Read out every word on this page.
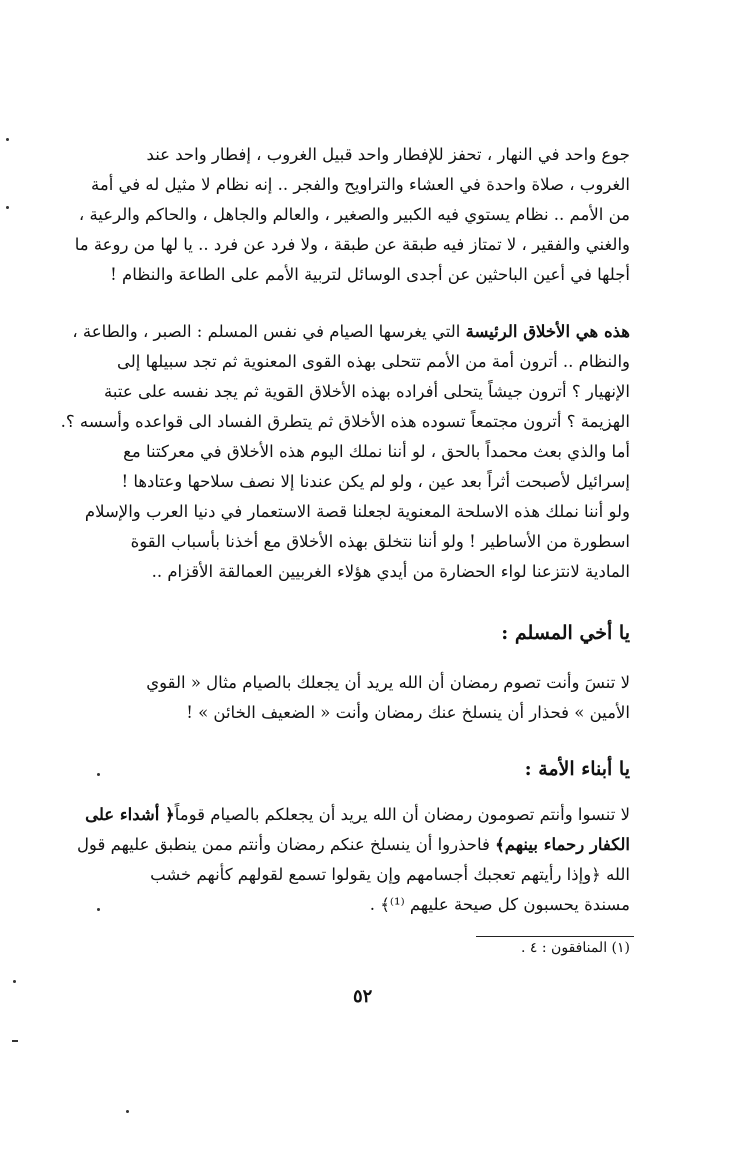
جوع واحد في النهار ، تحفز للإفطار واحد قبيل الغروب ، إفطار واحد عند
الغروب ، صلاة واحدة في العشاء والتراويح والفجر .. إنه نظام لا مثيل له في أمة
من الأمم .. نظام يستوي فيه الكبير والصغير ، والعالم والجاهل ، والحاكم والرعية ،
والغني والفقير ، لا تمتاز فيه طبقة عن طبقة ، ولا فرد عن فرد .. يا لها من روعة ما
أجلها في أعين الباحثين عن أجدى الوسائل لتربية الأمم على الطاعة والنظام !
هذه هي الأخلاق الرئيسة التي يغرسها الصيام في نفس المسلم : الصبر ، والطاعة ،
والنظام .. أترون أمة من الأمم تتحلى بهذه القوى المعنوية ثم تجد سبيلها إلى
الإنهيار ؟ أترون جيشاً يتحلى أفراده بهذه الأخلاق القوية ثم يجد نفسه على عتبة
الهزيمة ؟ أترون مجتمعاً تسوده هذه الأخلاق ثم يتطرق الفساد الى قواعده وأسسه ؟.
أما والذي بعث محمداً بالحق ، لو أننا نملك اليوم هذه الأخلاق في معركتنا مع
إسرائيل لأصبحت أثراً بعد عين ، ولو لم يكن عندنا إلا نصف سلاحها وعتادها !
ولو أننا نملك هذه الاسلحة المعنوية لجعلنا قصة الاستعمار في دنيا العرب والإسلام
اسطورة من الأساطير ! ولو أننا نتخلق بهذه الأخلاق مع أخذنا بأسباب القوة
المادية لانتزعنا لواء الحضارة من أيدي هؤلاء الغربيين العمالقة الأقزام ..
يا أخي المسلم :
لا تنسَ وأنت تصوم رمضان أن الله يريد أن يجعلك بالصيام مثال « القوي
الأمين » فحذار أن ينسلخ عنك رمضان وأنت « الضعيف الخائن » !
يا أبناء الأمة :
لا تنسوا وأنتم تصومون رمضان أن الله يريد أن يجعلكم بالصيام قوماً﴿ أشداء على
الكفار رحماء بينهم﴾ فاحذروا أن ينسلخ عنكم رمضان وأنتم ممن ينطبق عليهم قول
الله ﴿وإذا رأيتهم تعجبك أجسامهم وإن يقولوا تسمع لقولهم كأنهم خشب
مسندة يحسبون كل صيحة عليهم ⁽¹⁾﴾ .
(١) المنافقون : ٤ .
٥٢
